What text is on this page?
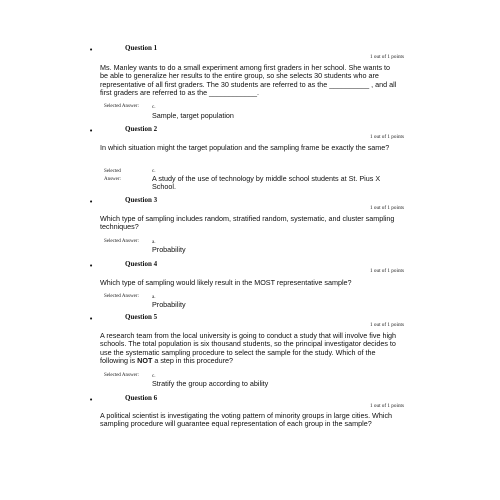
•	Question 1
1 out of 1 points
Ms. Manley wants to do a small experiment among first graders in her school. She wants to be able to generalize her results to the entire group, so she selects 30 students who are representative of all first graders. The 30 students are referred to as the __________ , and all first graders are referred to as the ____________.
Selected Answer:	c.
Sample, target population
•	Question 2
1 out of 1 points
In which situation might the target population and the sampling frame be exactly the same?
Selected
Answer:
c.
A study of the use of technology by middle school students at St. Pius X School.
•	Question 3
1 out of 1 points
Which type of sampling includes random, stratified random, systematic, and cluster sampling techniques?
Selected Answer:	a.
Probability
•	Question 4
1 out of 1 points
Which type of sampling would likely result in the MOST representative sample?
Selected Answer:	a.
Probability
•	Question 5
1 out of 1 points
A research team from the local university is going to conduct a study that will involve five high schools. The total population is six thousand students, so the principal investigator decides to use the systematic sampling procedure to select the sample for the study. Which of the following is NOT a step in this procedure?
Selected Answer:	c.
Stratify the group according to ability
•	Question 6
1 out of 1 points
A political scientist is investigating the voting pattern of minority groups in large cities. Which sampling procedure will guarantee equal representation of each group in the sample?
